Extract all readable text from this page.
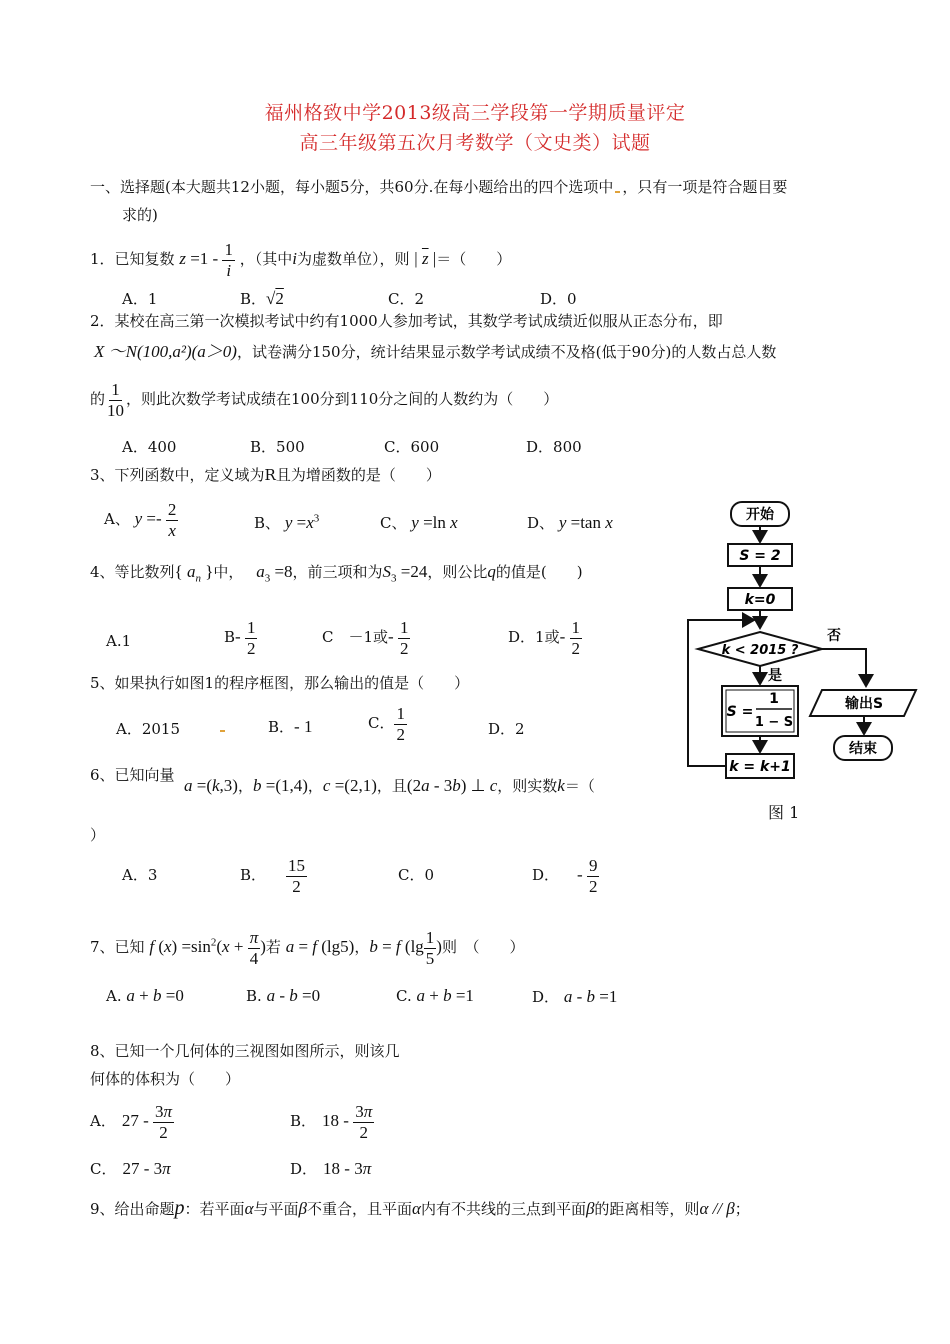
福州格致中学2013级高三学段第一学期质量评定
高三年级第五次月考数学（文史类）试题
一、选择题(本大题共12小题，每小题5分，共60分.在每小题给出的四个选项中 ，只有一项是符合题目要
求的)
1．已知复数 $z =1 - \frac{1}{i}$ ，（其中i为虚数单位），则 | $\overline{z}$ |＝（　　）
A．1	B．√2	C．2	D．0
2．某校在高三第一次模拟考试中约有1000人参加考试，其数学考试成绩近似服从正态分布，即
X ～N(100,a²)(a＞0)，试卷满分150分，统计结果显示数学考试成绩不及格(低于90分)的人数占总人数
的 $\frac{1}{10}$ ，则此次数学考试成绩在100分到110分之间的人数约为（　　）
A．400	B．500	C．600	D．800
3、下列函数中，定义域为R且为增函数的是（　　）
A、 $y =- \frac{2}{x}$	B、 $y =x^3$	C、 y =ln x	D、 y =tan x
4、等比数列{ $a_n$ }中， $a_3 =8$，前三项和为$S_3 =24$，则公比q的值是(　　)
A.1	$B- \frac{1}{2}$	C　－1或- $\frac{1}{2}$	D．1或- $\frac{1}{2}$
5、如果执行如图1的程序框图，那么输出的值是（　　）
A．2015	B．- 1	C． $\frac{1}{2}$	D．2
6、已知向量
a =(k,3)，b =(1,4)，c =(2,1)，且(2a - 3b) ⊥ c，则实数k＝（
）
A．3	B． $\frac{15}{2}$	C．0	D． - $\frac{9}{2}$
7、已知 f $(x) =\sin^2(x + \frac{\pi}{4}$ )若 a = f (lg5)，b = f ($\lg \frac{1}{5}$ )则　（　　）
A. a + b =0	B. a - b =0	C. a + b =1	D． a - b =1
8、已知一个几何体的三视图如图所示，则该几
何体的体积为（　　）
A． $27 - \frac{3\pi}{2}$	B． $18 - \frac{3\pi}{2}$
C． 27 - 3π	D． 18 - 3π
9、给出命题p：若平面α与平面β不重合，且平面α内有不共线的三点到平面β的距离相等，则α // β；
开始
S = 2
k=0
k < 2015 ?
否
是
S =
1
1 − S
k = k+1
输出S
结束
图 1
